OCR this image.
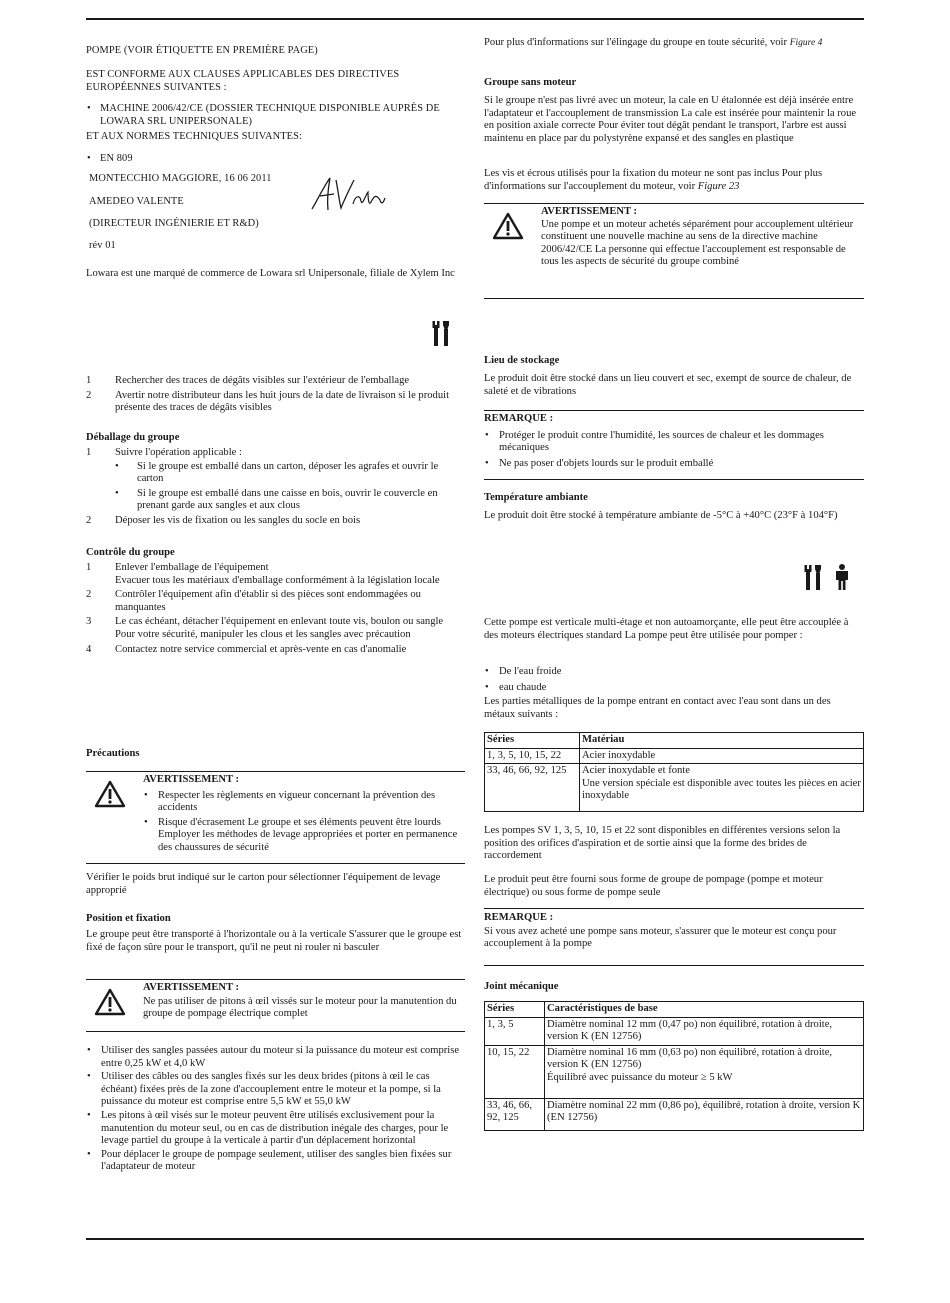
POMPE (VOIR ÉTIQUETTE EN PREMIÈRE PAGE)
EST CONFORME AUX CLAUSES APPLICABLES DES DIRECTIVES EUROPÉENNES SUIVANTES :
• MACHINE 2006/42/CE (DOSSIER TECHNIQUE DISPONIBLE AUPRÈS DE LOWARA SRL UNIPERSONALE)
ET AUX NORMES TECHNIQUES SUIVANTES:
• EN 809
MONTECCHIO MAGGIORE, 16 06 2011
AMEDEO VALENTE
(DIRECTEUR INGÉNIERIE ET R&D)
rév 01
Lowara est une marqué de commerce de Lowara srl Unipersonale, filiale de Xylem Inc
1 Rechercher des traces de dégâts visibles sur l'extérieur de l'emballage
2 Avertir notre distributeur dans les huit jours de la date de livraison si le produit présente des traces de dégâts visibles
Déballage du groupe
1 Suivre l'opération applicable :
• Si le groupe est emballé dans un carton, déposer les agrafes et ouvrir le carton
• Si le groupe est emballé dans une caisse en bois, ouvrir le couvercle en prenant garde aux sangles et aux clous
2 Déposer les vis de fixation ou les sangles du socle en bois
Contrôle du groupe
1 Enlever l'emballage de l'équipement
Evacuer tous les matériaux d'emballage conformément à la législation locale
2 Contrôler l'équipement afin d'établir si des pièces sont endommagées ou manquantes
3 Le cas échéant, détacher l'équipement en enlevant toute vis, boulon ou sangle
Pour votre sécurité, manipuler les clous et les sangles avec précaution
4 Contactez notre service commercial et après-vente en cas d'anomalie
Précautions
AVERTISSEMENT :
• Respecter les règlements en vigueur concernant la prévention des accidents
• Risque d'écrasement Le groupe et ses éléments peuvent être lourds Employer les méthodes de levage appropriées et porter en permanence des chaussures de sécurité
Vérifier le poids brut indiqué sur le carton pour sélectionner l'équipement de levage approprié
Position et fixation
Le groupe peut être transporté à l'horizontale ou à la verticale S'assurer que le groupe est fixé de façon sûre pour le transport, qu'il ne peut ni rouler ni basculer
AVERTISSEMENT :
Ne pas utiliser de pitons à œil vissés sur le moteur pour la manutention du groupe de pompage électrique complet
• Utiliser des sangles passées autour du moteur si la puissance du moteur est comprise entre 0,25 kW et 4,0 kW
• Utiliser des câbles ou des sangles fixés sur les deux brides (pitons à œil le cas échéant) fixées près de la zone d'accouplement entre le moteur et la pompe, si la puissance du moteur est comprise entre 5,5 kW et 55,0 kW
• Les pitons à œil visés sur le moteur peuvent être utilisés exclusivement pour la manutention du moteur seul, ou en cas de distribution inégale des charges, pour le levage partiel du groupe à la verticale à partir d'un déplacement horizontal
• Pour déplacer le groupe de pompage seulement, utiliser des sangles bien fixées sur l'adaptateur de moteur
Pour plus d'informations sur l'élingage du groupe en toute sécurité, voir Figure 4
Groupe sans moteur
Si le groupe n'est pas livré avec un moteur, la cale en U étalonnée est déjà insérée entre l'adaptateur et l'accouplement de transmission La cale est insérée pour maintenir la roue en position axiale correcte Pour éviter tout dégât pendant le transport, l'arbre est aussi maintenu en place par du polystyrène expansé et des sangles en plastique
Les vis et écrous utilisés pour la fixation du moteur ne sont pas inclus Pour plus d'informations sur l'accouplement du moteur, voir Figure 23
AVERTISSEMENT :
Une pompe et un moteur achetés séparément pour accouplement ultérieur constituent une nouvelle machine au sens de la directive machine 2006/42/CE La personne qui effectue l'accouplement est responsable de tous les aspects de sécurité du groupe combiné
Lieu de stockage
Le produit doit être stocké dans un lieu couvert et sec, exempt de source de chaleur, de saleté et de vibrations
REMARQUE :
• Protéger le produit contre l'humidité, les sources de chaleur et les dommages mécaniques
• Ne pas poser d'objets lourds sur le produit emballé
Température ambiante
Le produit doit être stocké à température ambiante de -5°C à +40°C (23°F à 104°F)
Cette pompe est verticale multi-étage et non autoamorçante, elle peut être accouplée à des moteurs électriques standard La pompe peut être utilisée pour pomper :
• De l'eau froide
• eau chaude
Les parties métalliques de la pompe entrant en contact avec l'eau sont dans un des métaux suivants :
Séries	Matériau
1, 3, 5, 10, 15, 22	Acier inoxydable
33, 46, 66, 92, 125	Acier inoxydable et fonte
Une version spéciale est disponible avec toutes les pièces en acier inoxydable
Les pompes SV 1, 3, 5, 10, 15 et 22 sont disponibles en différentes versions selon la position des orifices d'aspiration et de sortie ainsi que la forme des brides de raccordement
Le produit peut être fourni sous forme de groupe de pompage (pompe et moteur électrique) ou sous forme de pompe seule
REMARQUE :
Si vous avez acheté une pompe sans moteur, s'assurer que le moteur est conçu pour accouplement à la pompe
Joint mécanique
Séries	Caractéristiques de base
1, 3, 5	Diamètre nominal 12 mm (0,47 po) non équilibré, rotation à droite, version K (EN 12756)
10, 15, 22	Diamètre nominal 16 mm (0,63 po) non équilibré, rotation à droite, version K (EN 12756)
Équilibré avec puissance du moteur ≥ 5 kW
33, 46, 66, 92, 125	Diamètre nominal 22 mm (0,86 po), équilibré, rotation à droite, version K (EN 12756)
